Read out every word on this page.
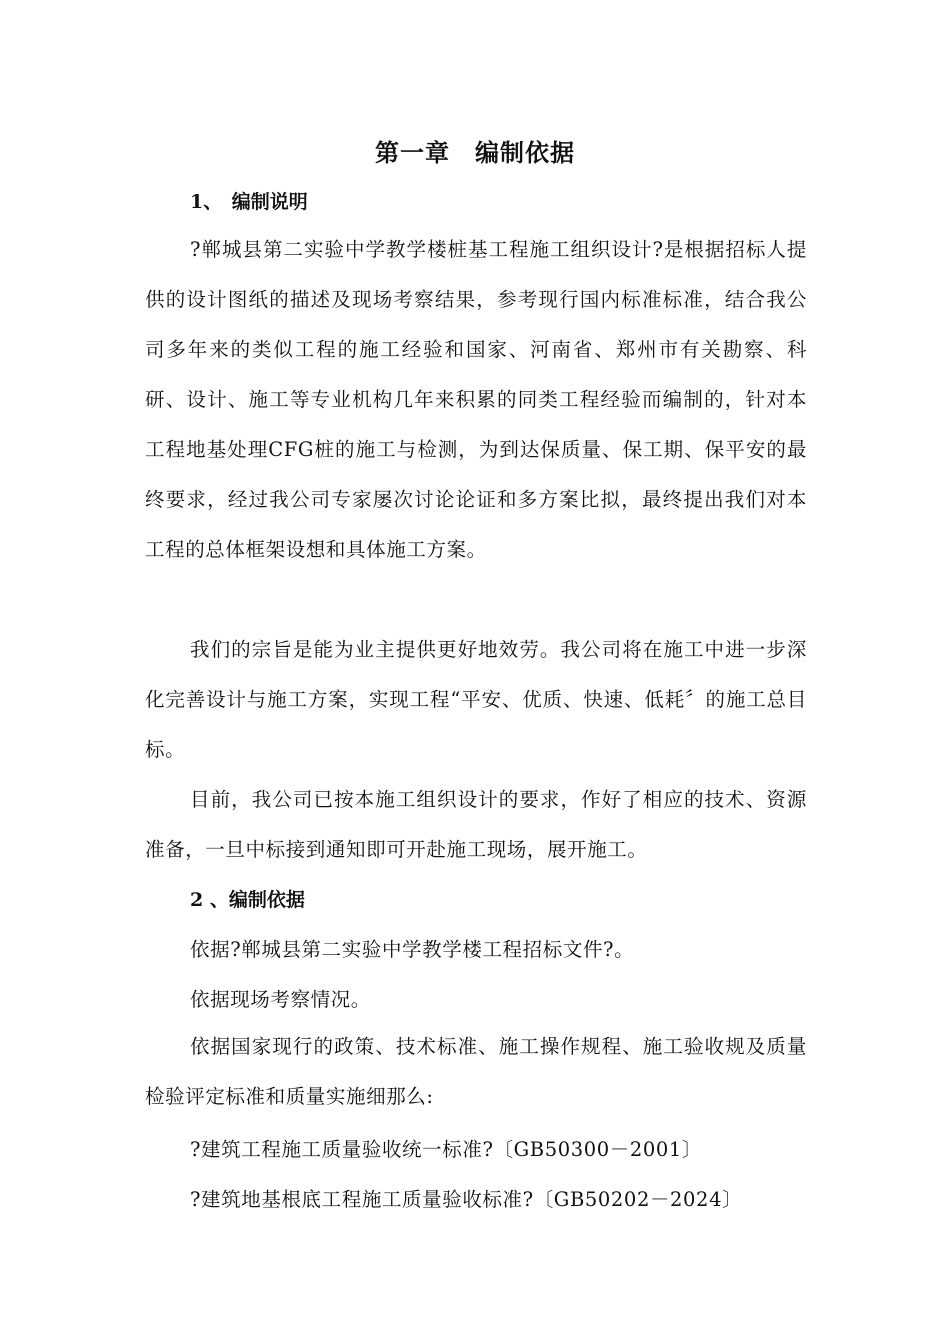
第一章　编制依据
1、　编制说明
?郸城县第二实验中学教学楼桩基工程施工组织设计?是根据招标人提供的设计图纸的描述及现场考察结果，参考现行国内标准标准，结合我公司多年来的类似工程的施工经验和国家、河南省、郑州市有关勘察、科研、设计、施工等专业机构几年来积累的同类工程经验而编制的，针对本工程地基处理CFG桩的施工与检测，为到达保质量、保工期、保平安的最终要求，经过我公司专家屡次讨论论证和多方案比拟，最终提出我们对本工程的总体框架设想和具体施工方案。
我们的宗旨是能为业主提供更好地效劳。我公司将在施工中进一步深化完善设计与施工方案，实现工程“平安、优质、快速、低耗〞的施工总目标。
目前，我公司已按本施工组织设计的要求，作好了相应的技术、资源准备，一旦中标接到通知即可开赴施工现场，展开施工。
2 、编制依据
依据?郸城县第二实验中学教学楼工程招标文件?。
依据现场考察情况。
依据国家现行的政策、技术标准、施工操作规程、施工验收规及质量检验评定标准和质量实施细那么:
?建筑工程施工质量验收统一标准?〔GB50300－2001〕
?建筑地基根底工程施工质量验收标准?〔GB50202－2024〕
